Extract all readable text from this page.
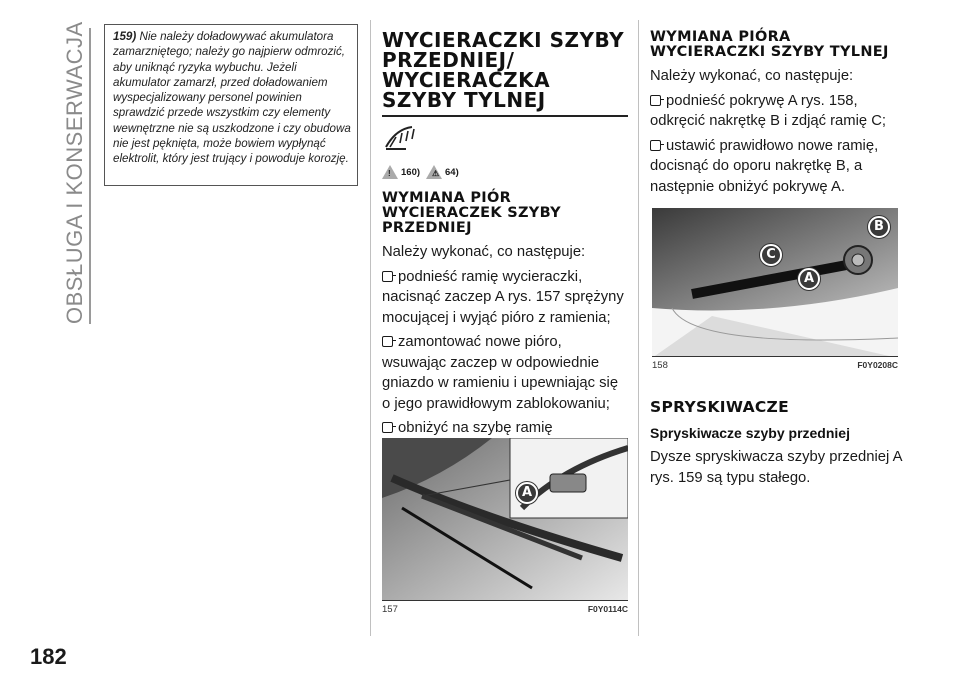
OBSŁUGA I KONSERWACJA
182
159) Nie należy doładowywać akumulatora zamarzniętego; należy go najpierw odmrozić, aby uniknąć ryzyka wybuchu. Jeżeli akumulator zamarzł, przed doładowaniem wyspecjalizowany personel powinien sprawdzić przede wszystkim czy elementy wewnętrzne nie są uszkodzone i czy obudowa nie jest pęknięta, może bowiem wypłynąć elektrolit, który jest trujący i powoduje korozję.
WYCIERACZKI SZYBY PRZEDNIEJ/ WYCIERACZKA SZYBY TYLNEJ
! 160) ⚠ 64)
WYMIANA PIÓR WYCIERACZEK SZYBY PRZEDNIEJ

Należy wykonać, co następuje:

podnieść ramię wycieraczki, nacisnąć zaczep A rys. 157 sprężyny mocującej i wyjąć pióro z ramienia;

zamontować nowe pióro, wsuwając zaczep w odpowiednie gniazdo w ramieniu i upewniając się o jego prawidłowym zablokowaniu;

obniżyć na szybę ramię

A
157	F0Y0114C
WYMIANA PIÓRA WYCIERACZKI SZYBY TYLNEJ

Należy wykonać, co następuje:

podnieść pokrywę A rys. 158, odkręcić nakrętkę B i zdjąć ramię C;

ustawić prawidłowo nowe ramię, docisnąć do oporu nakrętkę B, a następnie obniżyć pokrywę A.

B
C
A
158	F0Y0208C
SPRYSKIWACZE
Spryskiwacze szyby przedniej

Dysze spryskiwacza szyby przedniej A rys. 159 są typu stałego.
